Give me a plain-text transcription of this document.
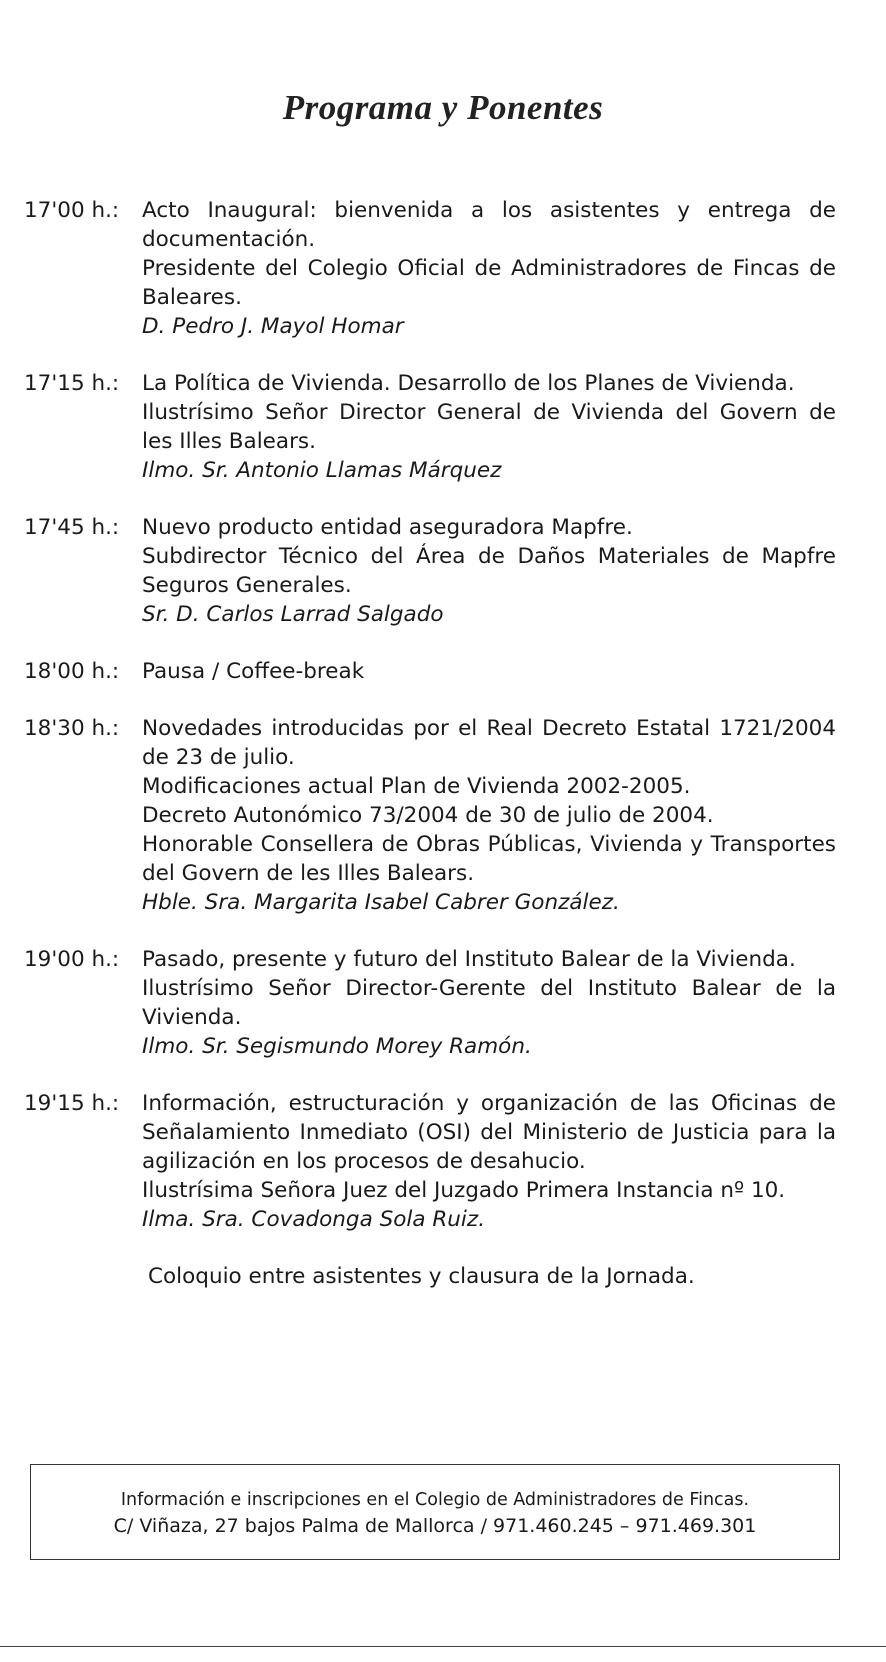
Programa y Ponentes
17'00 h.:	Acto Inaugural: bienvenida a los asistentes y entrega de documentación.
Presidente del Colegio Oficial de Administradores de Fincas de Baleares.
D. Pedro J. Mayol Homar
17'15 h.:	La Política de Vivienda. Desarrollo de los Planes de Vivienda.
Ilustrísimo Señor Director General de Vivienda del Govern de les Illes Balears.
Ilmo. Sr. Antonio Llamas Márquez
17'45 h.:	Nuevo producto entidad aseguradora Mapfre.
Subdirector Técnico del Área de Daños Materiales de Mapfre Seguros Generales.
Sr. D. Carlos Larrad Salgado
18'00 h.:	Pausa / Coffee-break
18'30 h.:	Novedades introducidas por el Real Decreto Estatal 1721/2004 de 23 de julio.
Modificaciones actual Plan de Vivienda 2002-2005.
Decreto Autonómico 73/2004 de 30 de julio de 2004.
Honorable Consellera de Obras Públicas, Vivienda y Transportes del Govern de les Illes Balears.
Hble. Sra. Margarita Isabel Cabrer González.
19'00 h.:	Pasado, presente y futuro del Instituto Balear de la Vivienda.
Ilustrísimo Señor Director-Gerente del Instituto Balear de la Vivienda.
Ilmo. Sr. Segismundo Morey Ramón.
19'15 h.:	Información, estructuración y organización de las Oficinas de Señalamiento Inmediato (OSI) del Ministerio de Justicia para la agilización en los procesos de desahucio.
Ilustrísima Señora Juez del Juzgado Primera Instancia nº 10.
Ilma. Sra. Covadonga Sola Ruiz.
Coloquio entre asistentes y clausura de la Jornada.
Información e inscripciones en el Colegio de Administradores de Fincas.
C/ Viñaza, 27 bajos Palma de Mallorca / 971.460.245 – 971.469.301
